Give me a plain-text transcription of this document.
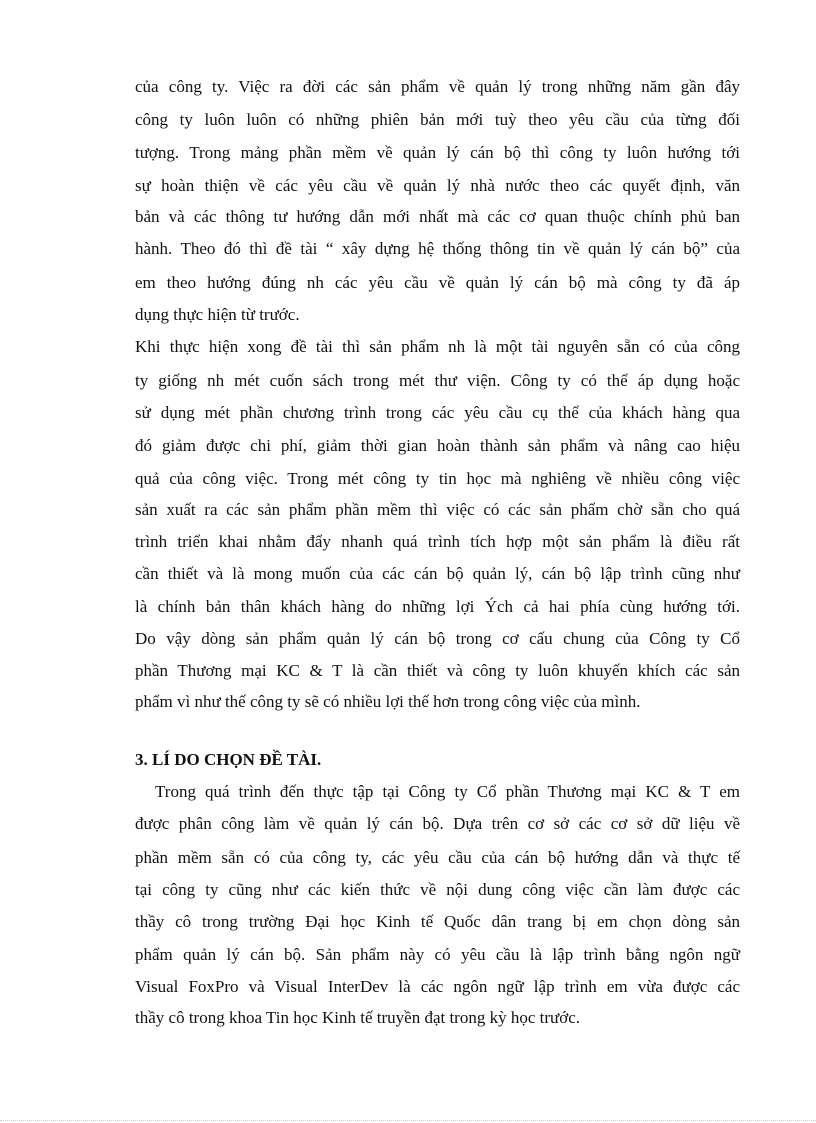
của công ty. Việc ra đời các sản phẩm về quản lý trong những năm gần đây
công ty luôn luôn có những phiên bản mới tuỳ theo yêu cầu của từng đối
tượng. Trong mảng phần mềm về quản lý cán bộ thì công ty luôn hướng tới
sự hoàn thiện về các yêu cầu về quản lý nhà nước theo các quyết định, văn
bản và các thông tư hướng dẫn mới nhất mà các cơ quan thuộc chính phủ ban
hành. Theo đó thì đề tài “ xây dựng hệ thống thông tin về quản lý cán bộ” của
em theo hướng đúng nh các yêu cầu về quản lý cán bộ mà công ty đã áp
dụng thực hiện từ trước.
Khi thực hiện xong đề tài thì sản phẩm nh là một tài nguyên sẵn có của công
ty giống nh mét cuốn sách trong mét thư viện. Công ty có thể áp dụng hoặc
sử dụng mét phần chương trình trong các yêu cầu cụ thể của khách hàng qua
đó giảm được chi phí, giảm thời gian hoàn thành sản phẩm và nâng cao hiệu
quả của công việc. Trong mét công ty tin học mà nghiêng về nhiều công việc
sản xuất ra các sản phẩm phần mềm thì việc có các sản phẩm chờ sẵn cho quá
trình triển khai nhằm đẩy nhanh quá trình tích hợp một sản phẩm là điều rất
cần thiết và là mong muốn của các cán bộ quản lý, cán bộ lập trình cũng như
là chính bản thân khách hàng do những lợi Ých cả hai phía cùng hướng tới.
Do vậy dòng sản phẩm quản lý cán bộ trong cơ cấu chung của Công ty Cổ
phần Thương mại KC & T là cần thiết và công ty luôn khuyến khích các sản
phẩm vì như thế công ty sẽ có nhiều lợi thế hơn trong công việc của mình.
3. LÍ DO CHỌN ĐỀ TÀI.
Trong quá trình đến thực tập tại Công ty Cổ phần Thương mại KC & T em
được phân công làm về quản lý cán bộ. Dựa trên cơ sở các cơ sở dữ liệu về
phần mềm sẵn có của công ty, các yêu cầu của cán bộ hướng dẫn và thực tế
tại công ty cũng như các kiến thức về nội dung công việc cần làm được các
thầy cô trong trường Đại học Kinh tế Quốc dân trang bị em chọn dòng sản
phẩm quản lý cán bộ. Sản phẩm này có yêu cầu là lập trình bằng ngôn ngữ
Visual FoxPro và Visual InterDev là các ngôn ngữ lập trình em vừa được các
thầy cô trong khoa Tin học Kinh tế truyền đạt trong kỳ học trước.
